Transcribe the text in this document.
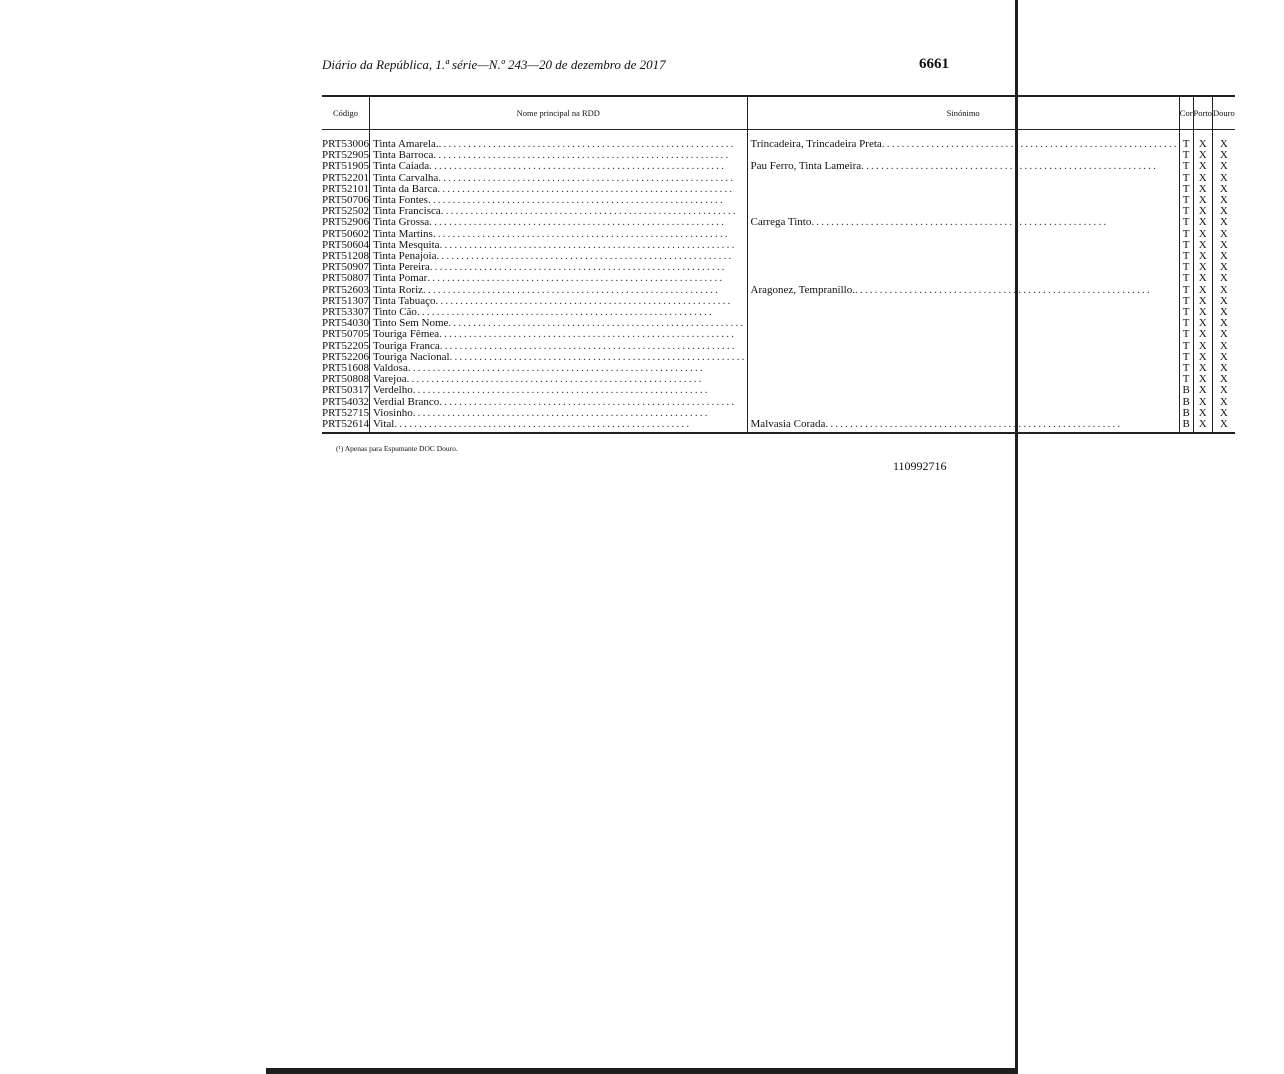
Diário da República, 1.ª série—N.º 243—20 de dezembro de 2017	6661
Código	Nome principal na RDD	Sinónimo	Cor	Porto	Douro

PRT53006	Tinta Amarela. ............................................................	Trincadeira, Trincadeira Preta ............................................................	T	X	X
PRT52905	Tinta Barroca ............................................................		T	X	X
PRT51905	Tinta Caiada ............................................................	Pau Ferro, Tinta Lameira ............................................................	T	X	X
PRT52201	Tinta Carvalha ............................................................		T	X	X
PRT52101	Tinta da Barca ............................................................		T	X	X
PRT50706	Tinta Fontes ............................................................		T	X	X
PRT52502	Tinta Francisca ............................................................		T	X	X
PRT52906	Tinta Grossa ............................................................	Carrega Tinto ............................................................	T	X	X
PRT50602	Tinta Martins ............................................................		T	X	X
PRT50604	Tinta Mesquita ............................................................		T	X	X
PRT51208	Tinta Penajoia ............................................................		T	X	X
PRT50907	Tinta Pereira ............................................................		T	X	X
PRT50807	Tinta Pomar ............................................................		T	X	X
PRT52603	Tinta Roriz ............................................................	Aragonez, Tempranillo. ............................................................	T	X	X
PRT51307	Tinta Tabuaço ............................................................		T	X	X
PRT53307	Tinto Cão ............................................................		T	X	X
PRT54030	Tinto Sem Nome ............................................................		T	X	X
PRT50705	Touriga Fêmea ............................................................		T	X	X
PRT52205	Touriga Franca ............................................................		T	X	X
PRT52206	Touriga Nacional ............................................................		T	X	X
PRT51608	Valdosa ............................................................		T	X	X
PRT50808	Varejoa ............................................................		T	X	X
PRT50317	Verdelho ............................................................		B	X	X
PRT54032	Verdial Branco ............................................................		B	X	X
PRT52715	Viosinho ............................................................		B	X	X
PRT52614	Vital ............................................................	Malvasia Corada ............................................................	B	X	X
(¹) Apenas para Espumante DOC Douro.
110992716
